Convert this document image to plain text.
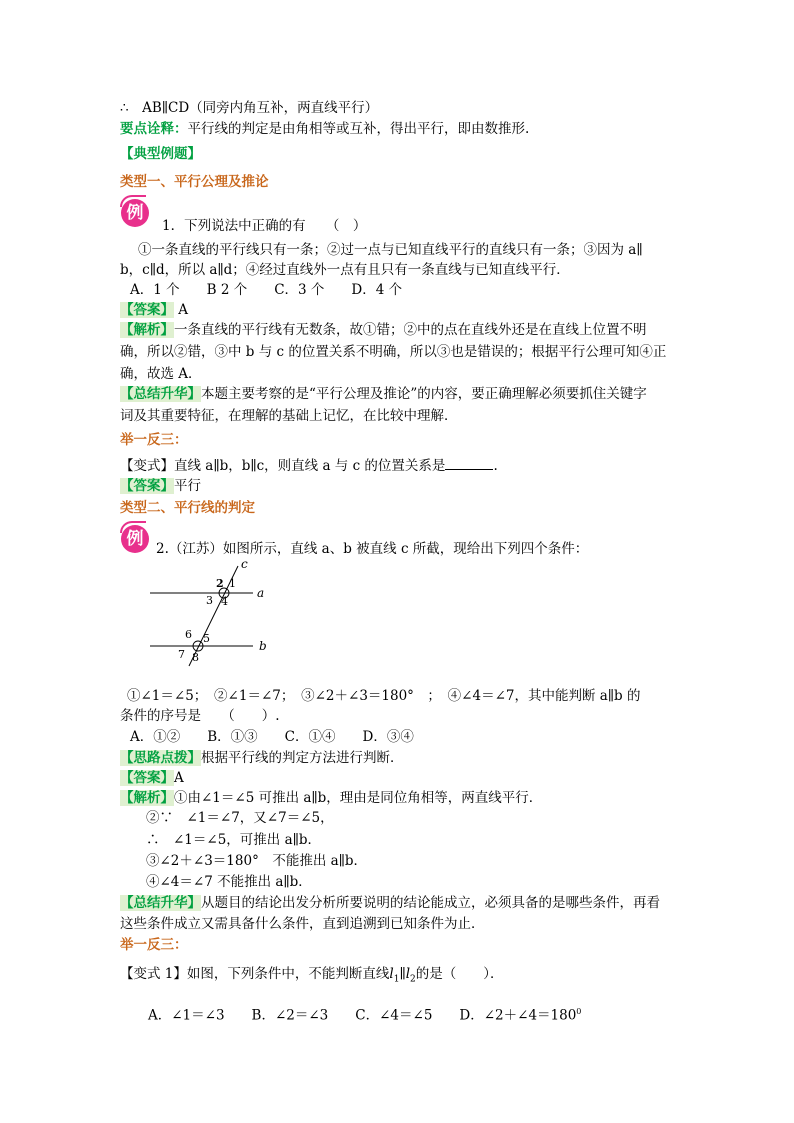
∴　AB∥CD（同旁内角互补，两直线平行）
要点诠释：平行线的判定是由角相等或互补，得出平行，即由数推形.
【典型例题】
类型一、平行公理及推论
例
1．下列说法中正确的有　　（　）
①一条直线的平行线只有一条；②过一点与已知直线平行的直线只有一条；③因为 a∥
b，c∥d，所以 a∥d；④经过直线外一点有且只有一条直线与已知直线平行．
A．1 个　　B 2 个　　C．3 个　　D．4 个
【答案】 A
【解析】一条直线的平行线有无数条，故①错；②中的点在直线外还是在直线上位置不明
确，所以②错，③中 b 与 c 的位置关系不明确，所以③也是错误的；根据平行公理可知④正
确，故选 A．
【总结升华】本题主要考察的是“平行公理及推论”的内容，要正确理解必须要抓住关键字
词及其重要特征，在理解的基础上记忆，在比较中理解．
举一反三：
【变式】直线 a∥b，b∥c，则直线 a 与 c 的位置关系是	.
【答案】平行
类型二、平行线的判定
例 2.（江苏）如图所示，直线 a、b 被直线 c 所截，现给出下列四个条件：
c
a
b
2 1
3 4
6 5
7 8
①∠1＝∠5；　②∠1＝∠7；　③∠2＋∠3＝180°　；　④∠4＝∠7，其中能判断 a∥b 的
条件的序号是　　（　　）.
A．①②　　B．①③　　C．①④　　D．③④
【思路点拨】根据平行线的判定方法进行判断．
【答案】A
【解析】①由∠1＝∠5 可推出 a∥b，理由是同位角相等，两直线平行．
②∵　∠1＝∠7，又∠7＝∠5，
∴　∠1＝∠5，可推出 a∥b．
③∠2＋∠3＝180°　不能推出 a∥b．
④∠4＝∠7 不能推出 a∥b．
【总结升华】从题目的结论出发分析所要说明的结论能成立，必须具备的是哪些条件，再看
这些条件成立又需具备什么条件，直到追溯到已知条件为止．
举一反三：
【变式 1】如图，下列条件中，不能判断直线$l_1\parallel l_2$的是（　　）．
A．∠1＝∠3　　B．∠2＝∠3　　C．∠4＝∠5　　D．$\angle 2+\angle 4=180^0$
